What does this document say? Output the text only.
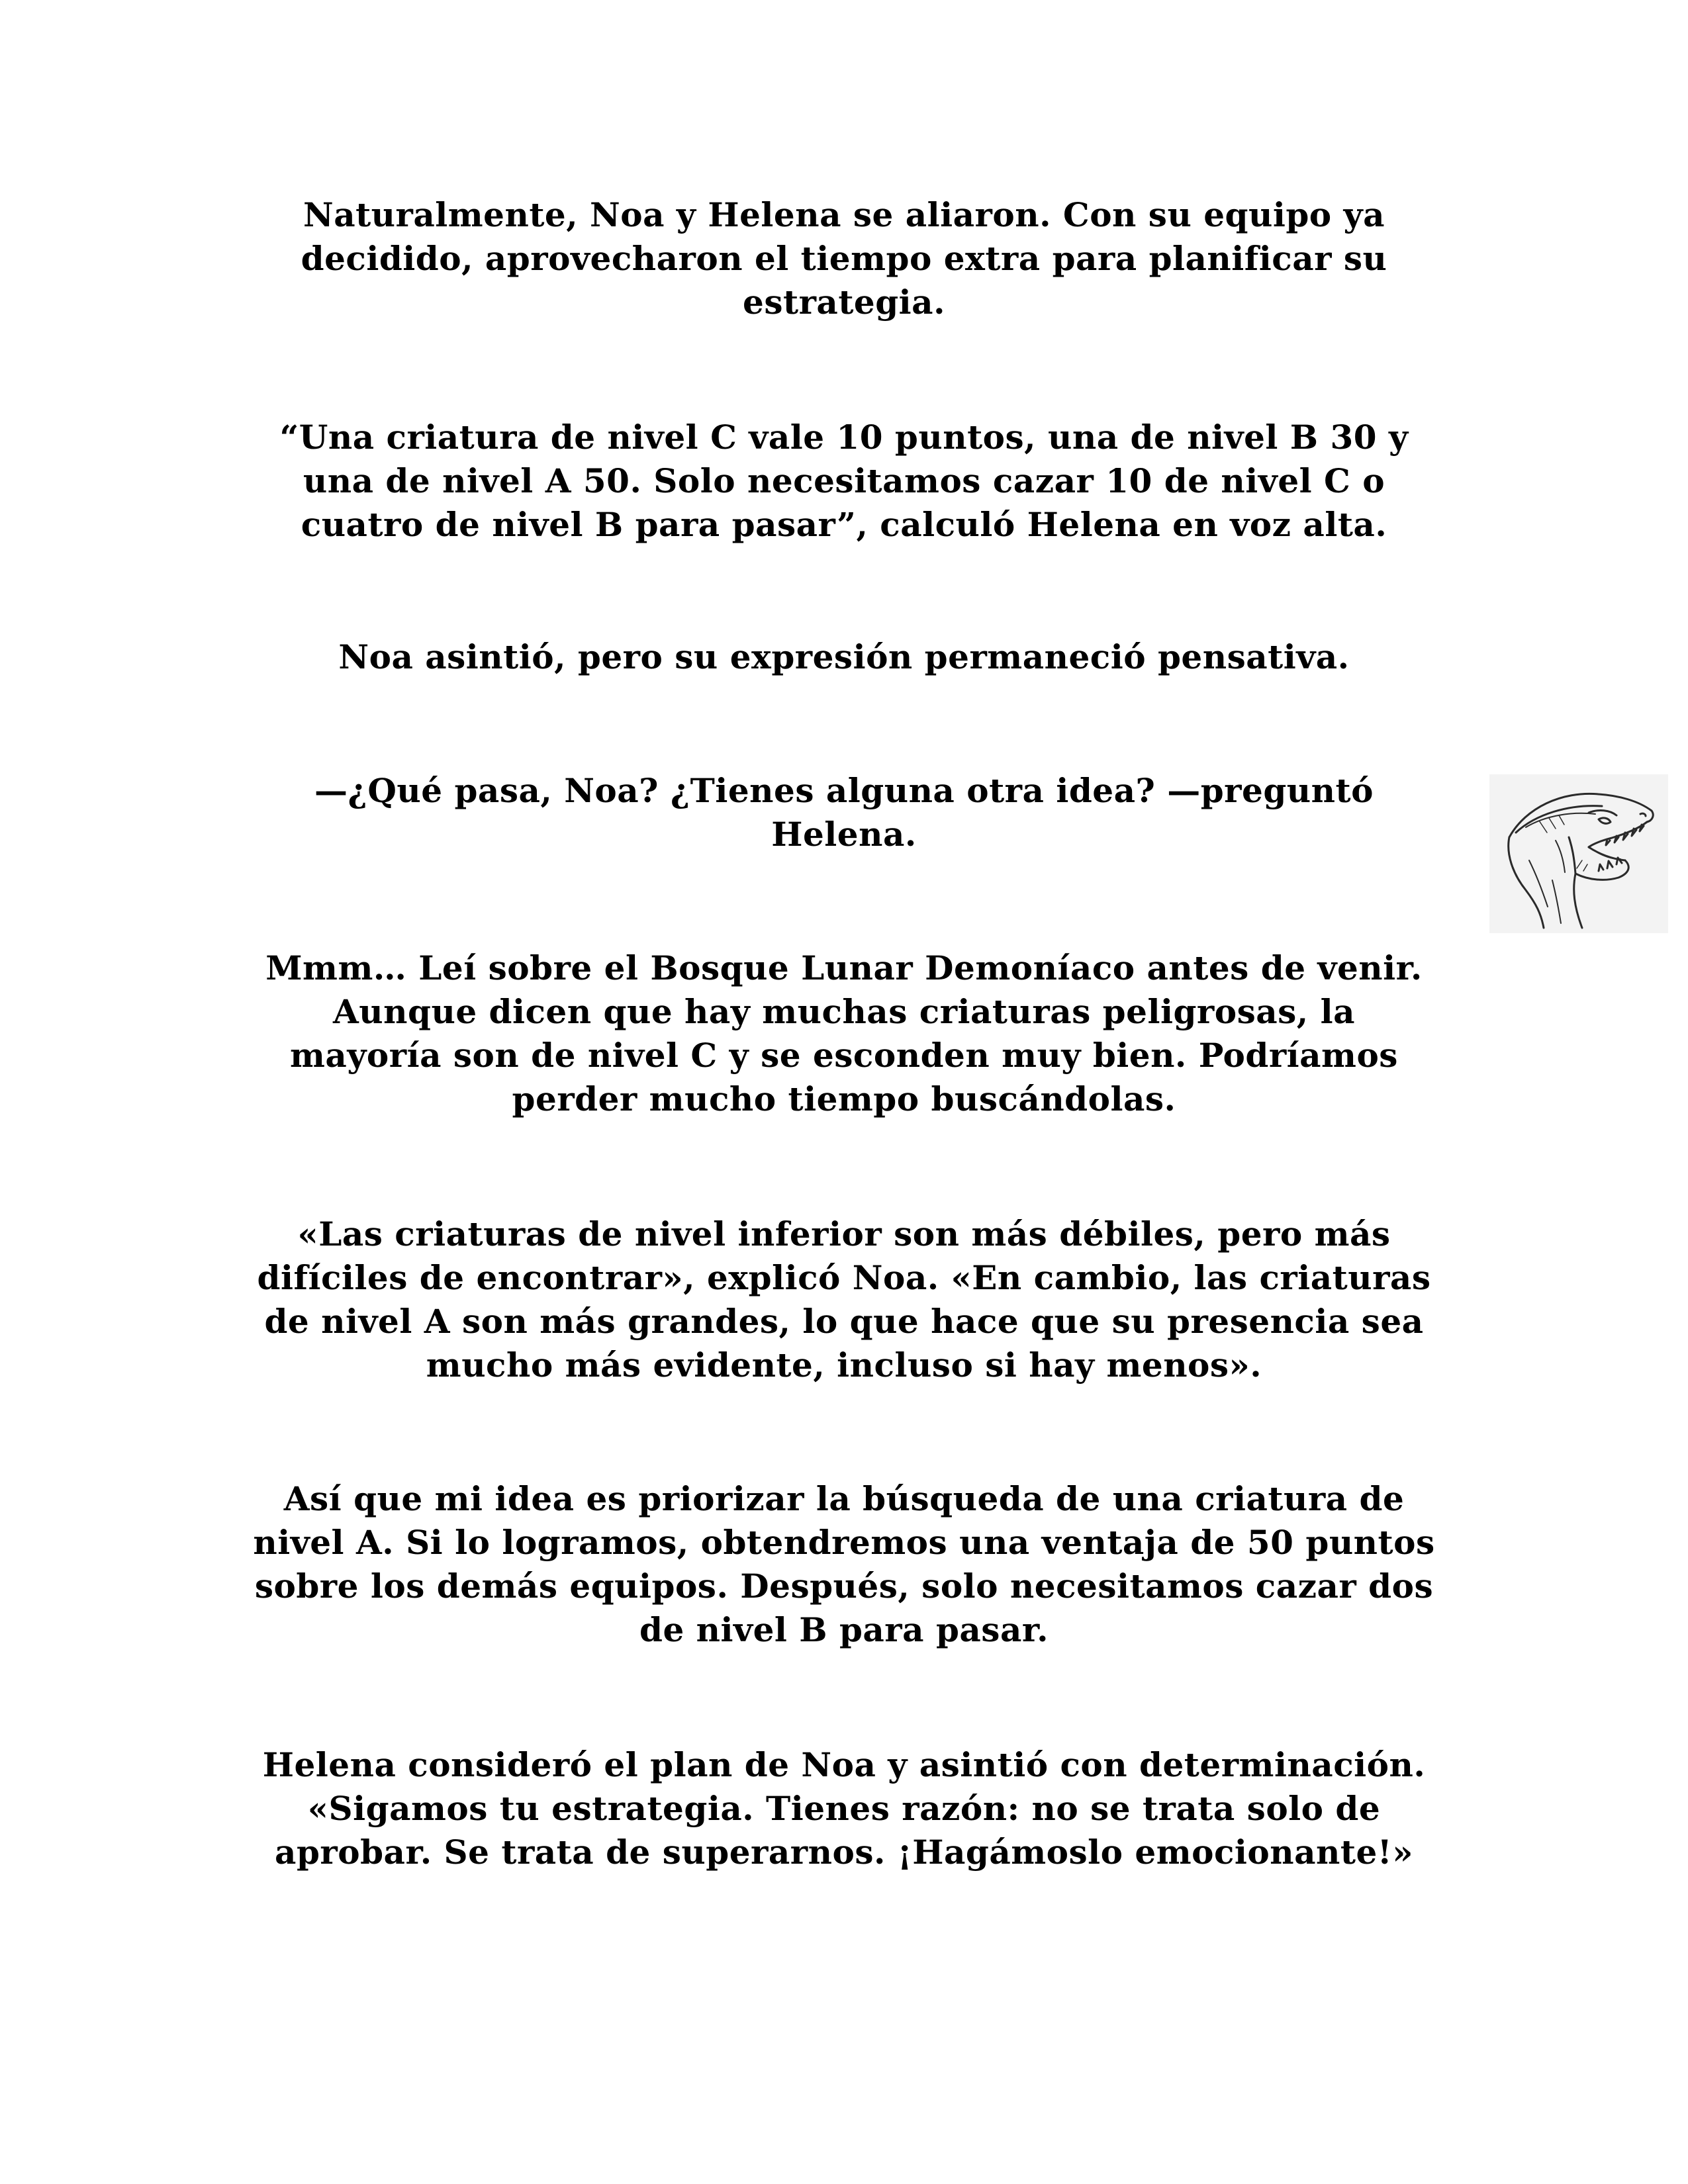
Naturalmente, Noa y Helena se aliaron. Con su equipo ya
decidido, aprovecharon el tiempo extra para planificar su
estrategia.

“Una criatura de nivel C vale 10 puntos, una de nivel B 30 y
una de nivel A 50. Solo necesitamos cazar 10 de nivel C o
cuatro de nivel B para pasar”, calculó Helena en voz alta.

Noa asintió, pero su expresión permaneció pensativa.

—¿Qué pasa, Noa? ¿Tienes alguna otra idea? —preguntó
Helena.

Mmm… Leí sobre el Bosque Lunar Demoníaco antes de venir.
Aunque dicen que hay muchas criaturas peligrosas, la
mayoría son de nivel C y se esconden muy bien. Podríamos
perder mucho tiempo buscándolas.

«Las criaturas de nivel inferior son más débiles, pero más
difíciles de encontrar», explicó Noa. «En cambio, las criaturas
de nivel A son más grandes, lo que hace que su presencia sea
mucho más evidente, incluso si hay menos».

Así que mi idea es priorizar la búsqueda de una criatura de
nivel A. Si lo logramos, obtendremos una ventaja de 50 puntos
sobre los demás equipos. Después, solo necesitamos cazar dos
de nivel B para pasar.

Helena consideró el plan de Noa y asintió con determinación.
«Sigamos tu estrategia. Tienes razón: no se trata solo de
aprobar. Se trata de superarnos. ¡Hagámoslo emocionante!»
